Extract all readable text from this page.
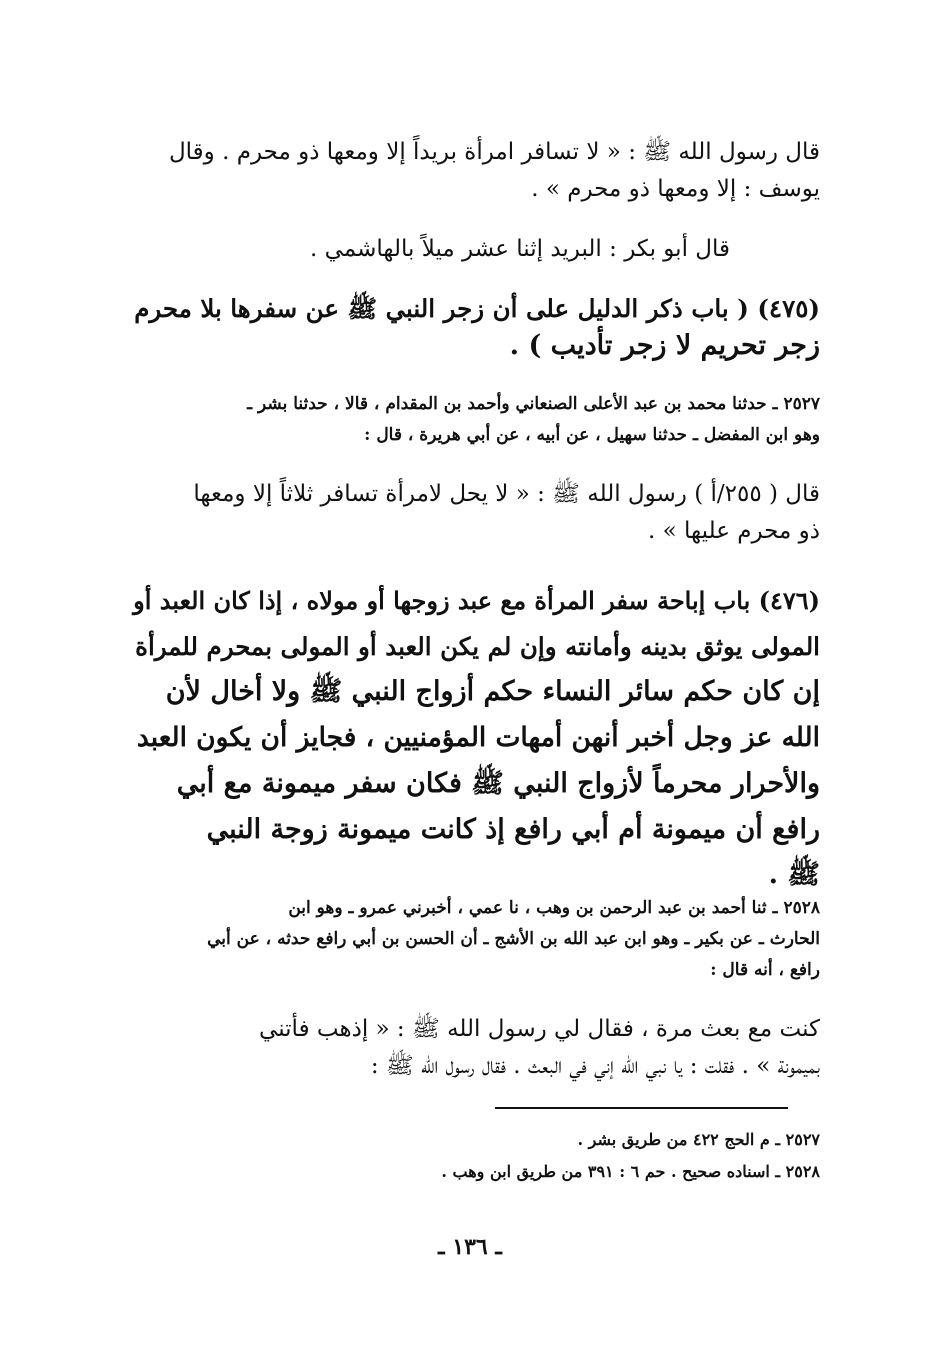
قال رسول الله ﷺ : « لا تسافر امرأة بريداً إلا ومعها ذو محرم . وقال
يوسف : إلا ومعها ذو محرم » .
قال أبو بكر : البريد إثنا عشر ميلاً بالهاشمي .
(٤٧٥) ( باب ذكر الدليل على أن زجر النبي ﷺ عن سفرها بلا محرم
زجر تحريم لا زجر تأديب ) .
٢٥٢٧ ـ حدثنا محمد بن عبد الأعلى الصنعاني وأحمد بن المقدام ، قالا ، حدثنا بشر ـ
وهو ابن المفضل ـ حدثنا سهيل ، عن أبيه ، عن أبي هريرة ، قال :
قال ( ٢٥٥/أ ) رسول الله ﷺ : « لا يحل لامرأة تسافر ثلاثاً إلا ومعها
ذو محرم عليها » .
(٤٧٦) باب إباحة سفر المرأة مع عبد زوجها أو مولاه ، إذا كان العبد أو
المولى يوثق بدينه وأمانته وإن لم يكن العبد أو المولى بمحرم للمرأة
إن كان حكم سائر النساء حكم أزواج النبي ﷺ ولا أخال لأن
الله عز وجل أخبر أنهن أمهات المؤمنيين ، فجايز أن يكون العبد
والأحرار محرماً لأزواج النبي ﷺ فكان سفر ميمونة مع أبي
رافع أن ميمونة أم أبي رافع إذ كانت ميمونة زوجة النبي
ﷺ .
٢٥٢٨ ـ ثنا أحمد بن عبد الرحمن بن وهب ، نا عمي ، أخبرني عمرو ـ وهو ابن
الحارث ـ عن بكير ـ وهو ابن عبد الله بن الأشج ـ أن الحسن بن أبي رافع حدثه ، عن أبي
رافع ، أنه قال :
كنت مع بعث مرة ، فقال لي رسول الله ﷺ : « إذهب فأتني
بميمونة » . فقلت : يا نبي الله إني في البعث . فقال رسول الله ﷺ :
٢٥٢٧ ـ م الحج ٤٢٢ من طريق بشر .
٢٥٢٨ ـ اسناده صحيح . حم ٦ : ٣٩١ من طريق ابن وهب .
ـ ١٣٦ ـ
